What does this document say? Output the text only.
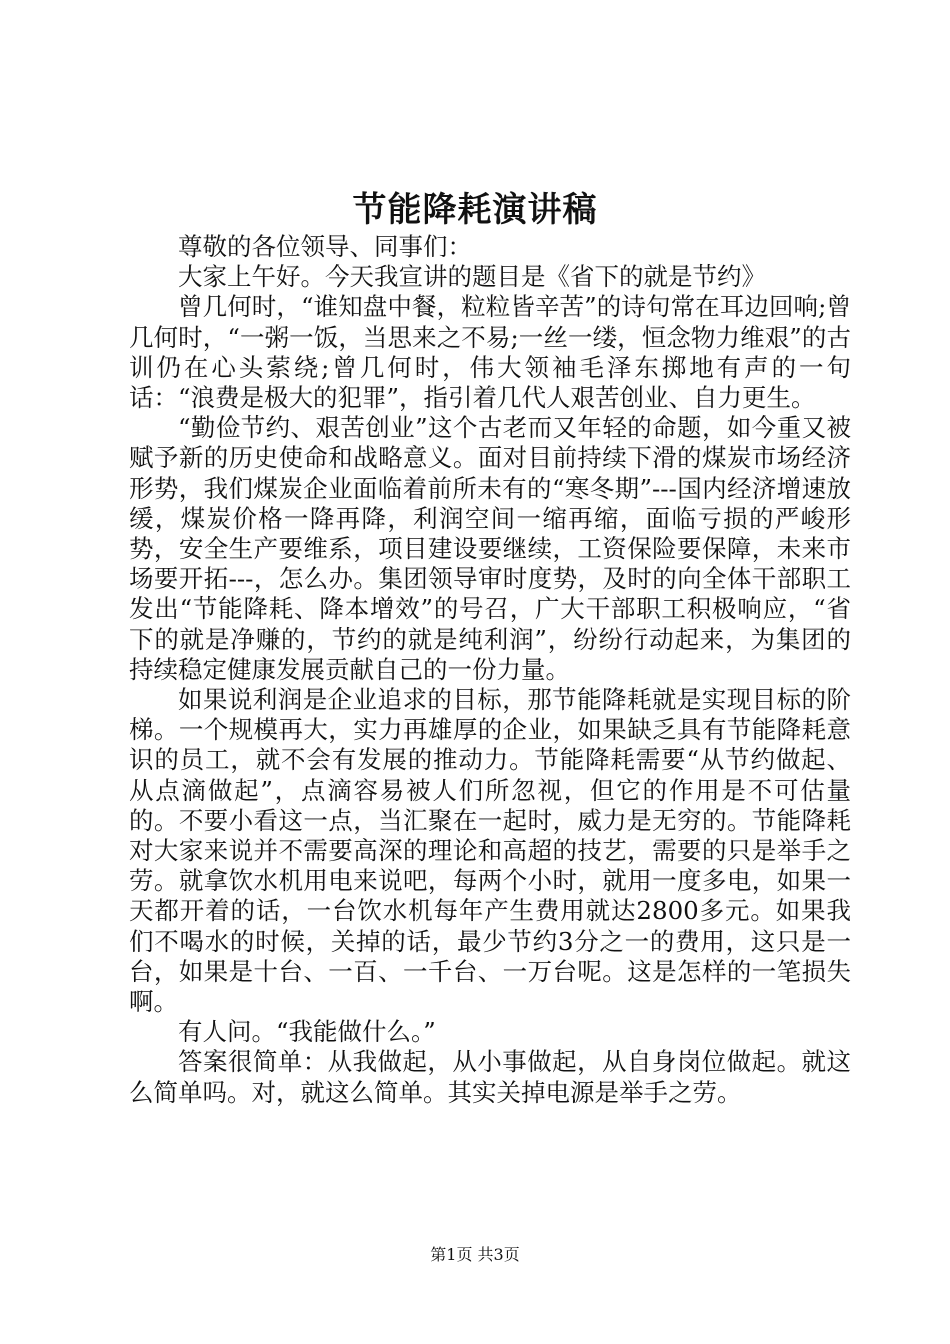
节能降耗演讲稿

尊敬的各位领导、同事们：

大家上午好。今天我宣讲的题目是《省下的就是节约》

曾几何时，“谁知盘中餐，粒粒皆辛苦”的诗句常在耳边回响;曾几何时，“一粥一饭，当思来之不易;一丝一缕，恒念物力维艰”的古训仍在心头萦绕;曾几何时，伟大领袖毛泽东掷地有声的一句话：“浪费是极大的犯罪”，指引着几代人艰苦创业、自力更生。

“勤俭节约、艰苦创业”这个古老而又年轻的命题，如今重又被赋予新的历史使命和战略意义。面对目前持续下滑的煤炭市场经济形势，我们煤炭企业面临着前所未有的“寒冬期”---国内经济增速放缓，煤炭价格一降再降，利润空间一缩再缩，面临亏损的严峻形势，安全生产要维系，项目建设要继续，工资保险要保障，未来市场要开拓---，怎么办。集团领导审时度势，及时的向全体干部职工发出“节能降耗、降本增效”的号召，广大干部职工积极响应，“省下的就是净赚的，节约的就是纯利润”，纷纷行动起来，为集团的持续稳定健康发展贡献自己的一份力量。

如果说利润是企业追求的目标，那节能降耗就是实现目标的阶梯。一个规模再大，实力再雄厚的企业，如果缺乏具有节能降耗意识的员工，就不会有发展的推动力。节能降耗需要“从节约做起、从点滴做起”，点滴容易被人们所忽视，但它的作用是不可估量的。不要小看这一点，当汇聚在一起时，威力是无穷的。节能降耗对大家来说并不需要高深的理论和高超的技艺，需要的只是举手之劳。就拿饮水机用电来说吧，每两个小时，就用一度多电，如果一天都开着的话，一台饮水机每年产生费用就达2800多元。如果我们不喝水的时候，关掉的话，最少节约3分之一的费用，这只是一台，如果是十台、一百、一千台、一万台呢。这是怎样的一笔损失啊。

有人问。“我能做什么。”

答案很简单：从我做起，从小事做起，从自身岗位做起。就这么简单吗。对，就这么简单。其实关掉电源是举手之劳。

第1页 共3页
